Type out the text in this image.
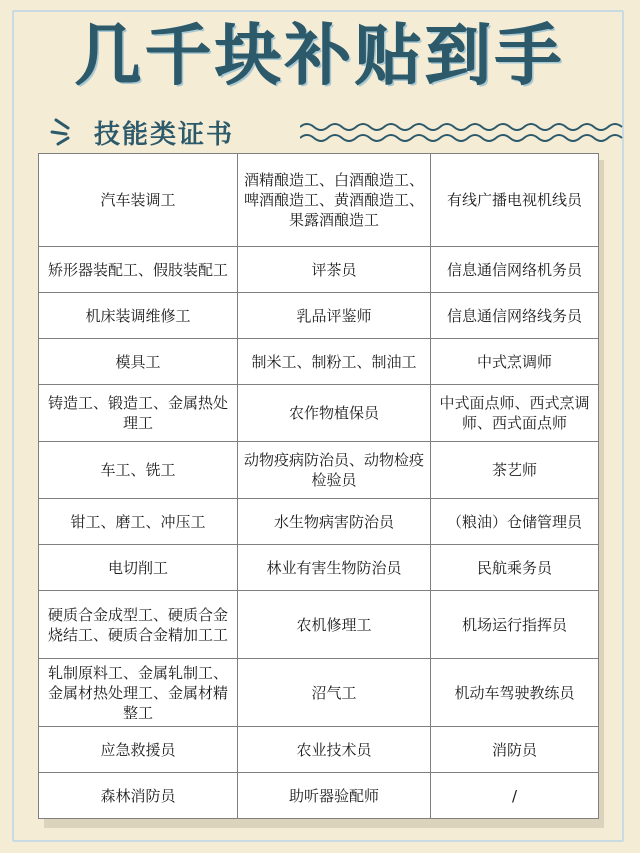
几千块补贴到手
技能类证书
汽车装调工	酒精酿造工、白酒酿造工、啤酒酿造工、黄酒酿造工、果露酒酿造工	有线广播电视机线员
矫形器装配工、假肢装配工	评茶员	信息通信网络机务员
机床装调维修工	乳品评鉴师	信息通信网络线务员
模具工	制米工、制粉工、制油工	中式烹调师
铸造工、锻造工、金属热处理工	农作物植保员	中式面点师、西式烹调师、西式面点师
车工、铣工	动物疫病防治员、动物检疫检验员	茶艺师
钳工、磨工、冲压工	水生物病害防治员	（粮油）仓储管理员
电切削工	林业有害生物防治员	民航乘务员
硬质合金成型工、硬质合金烧结工、硬质合金精加工工	农机修理工	机场运行指挥员
轧制原料工、金属轧制工、金属材热处理工、金属材精整工	沼气工	机动车驾驶教练员
应急救援员	农业技术员	消防员
森林消防员	助听器验配师	/
